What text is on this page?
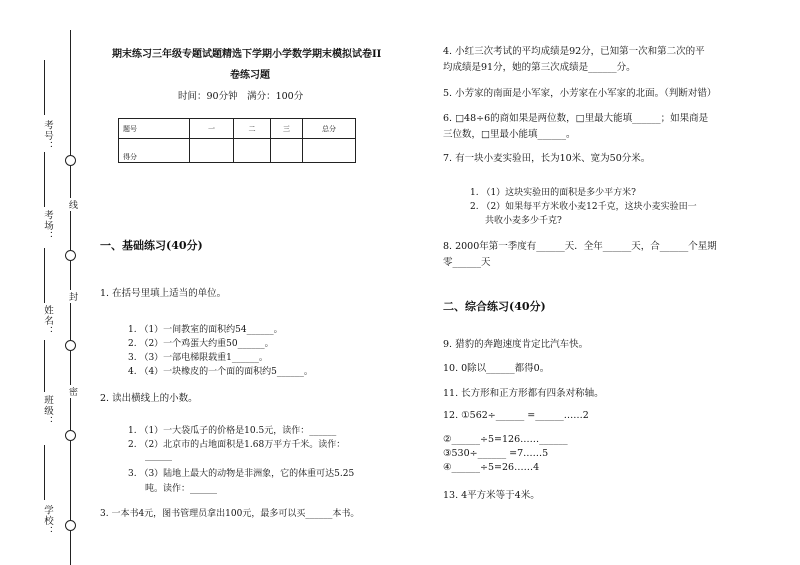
线
封
密
考号：
考场：
姓名：
班级：
学校：
期末练习三年级专题试题精选下学期小学数学期末模拟试卷II
卷练习题
时间：90分钟　满分：100分
题号	一	二	三	总分
得分				
一、基础练习(40分)
1. 在括号里填上适当的单位。
1. （1）一间教室的面积约54______。
2. （2）一个鸡蛋大约重50______。
3. （3）一部电梯限载重1______。
4. （4）一块橡皮的一个面的面积约5______。
2. 读出横线上的小数。
1. （1）一大袋瓜子的价格是10.5元，读作：______
2. （2）北京市的占地面积是1.68万平方千米。读作：
______
3. （3）陆地上最大的动物是非洲象，它的体重可达5.25
吨。读作：______
3. 一本书4元，图书管理员拿出100元，最多可以买______本书。
4. 小红三次考试的平均成绩是92分，已知第一次和第二次的平
均成绩是91分，她的第三次成绩是______分。
5. 小芳家的南面是小军家，小芳家在小军家的北面。（判断对错）
6. □48÷6的商如果是两位数，□里最大能填______；如果商是
三位数，□里最小能填______。
7. 有一块小麦实验田，长为10米、宽为50分米。
1. （1）这块实验田的面积是多少平方米?
2. （2）如果每平方米收小麦12千克，这块小麦实验田一
共收小麦多少千克?
8. 2000年第一季度有______天．全年______天，合______个星期
零______天
二、综合练习(40分)
9. 猎豹的奔跑速度肯定比汽车快。
10. 0除以______都得0。
11. 长方形和正方形都有四条对称轴。
12. ①562÷______ =______……2
②______÷5=126……______
③530÷______ =7……5
④______÷5=26……4
13. 4平方米等于4米。
